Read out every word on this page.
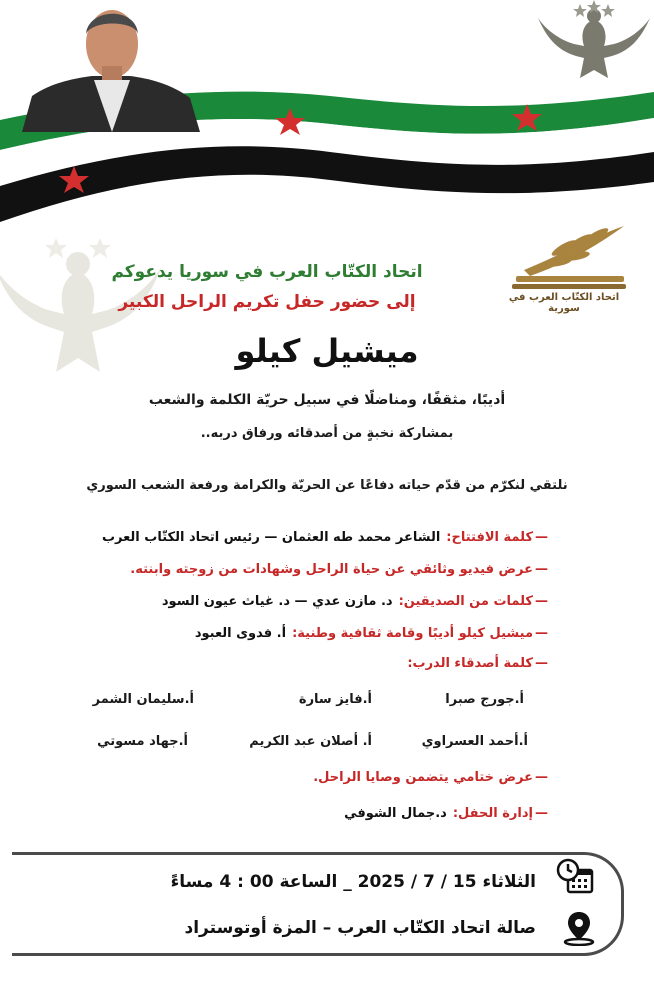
اتحاد الكتّاب العرب في سورية
اتحاد الكتّاب العرب في سوريا يدعوكم
إلى حضور حفل تكريم الراحل الكبير
ميشيل كيلو
أديبًا، مثقفًا، ومناضلًا في سبيل حريّة الكلمة والشعب
بمشاركة نخبةٍ من أصدقائه ورفاق دربه..
نلتقي لنكرّم من قدّم حياته دفاعًا عن الحريّة والكرامة ورفعة الشعب السوري
—
كلمة الافتتاح:
الشاعر محمد طه العثمان — رئيس اتحاد الكتّاب العرب
—
عرض فيديو وثائقي عن حياة الراحل وشهادات من زوجته وابنته.
—
كلمات من الصديقين:
د. مازن عدي — د. غياث عيون السود
—
ميشيل كيلو أديبًا وقامة ثقافية وطنية:
أ. فدوى العبود
—
كلمة أصدقاء الدرب:
أ.جورج صبرا
أ.فايز سارة
أ.سليمان الشمر
أ.أحمد العسراوي
أ. أصلان عبد الكريم
أ.جهاد مسوتي
—
عرض ختامي يتضمن وصايا الراحل.
—
إدارة الحفل:
د.جمال الشوفي
الثلاثاء 15 / 7 / 2025 _ الساعة 00 : 4 مساءً
صالة اتحاد الكتّاب العرب – المزة أوتوستراد
